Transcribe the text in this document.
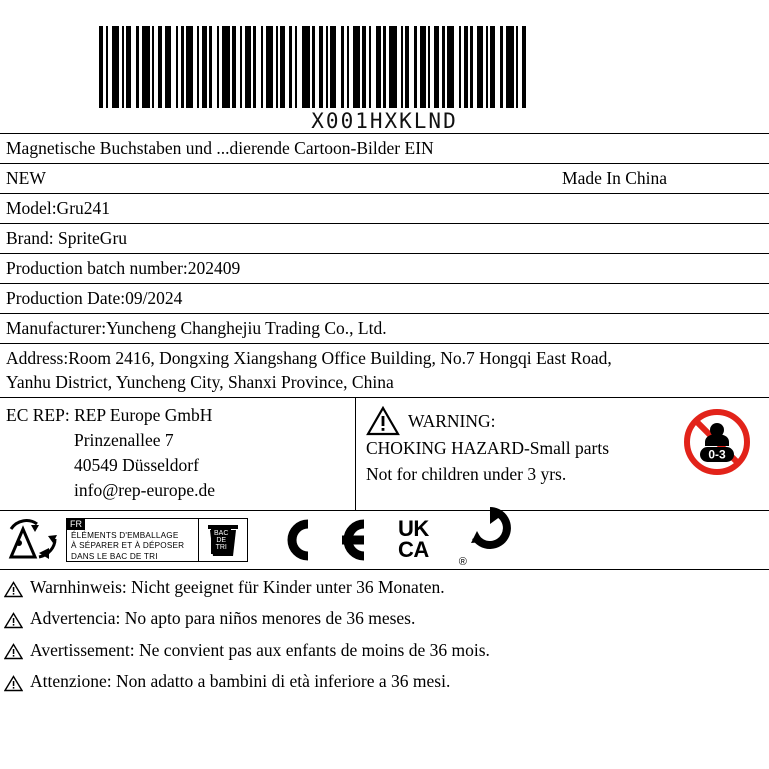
X001HXKLND
Magnetische Buchstaben und ...dierende Cartoon-Bilder EIN
NEW	Made In China
Model:Gru241
Brand: SpriteGru
Production batch number:202409
Production Date:09/2024
Manufacturer:Yuncheng Changhejiu Trading Co., Ltd.
Address:Room 2416, Dongxing Xiangshang Office Building, No.7 Hongqi East Road,
Yanhu District, Yuncheng City, Shanxi Province, China
EC REP: REP Europe GmbH
Prinzenallee 7
40549 Düsseldorf
info@rep-europe.de
WARNING:
CHOKING HAZARD-Small parts
Not for children under 3 yrs.
0-3
FR
ÉLÉMENTS D'EMBALLAGE
À SÉPARER ET À DÉPOSER
DANS LE BAC DE TRI
BAC
DE
TRI
UK
CA
®
Warnhinweis: Nicht geeignet für Kinder unter 36 Monaten.
Advertencia: No apto para niños menores de 36 meses.
Avertissement: Ne convient pas aux enfants de moins de 36 mois.
Attenzione: Non adatto a bambini di età inferiore a 36 mesi.
